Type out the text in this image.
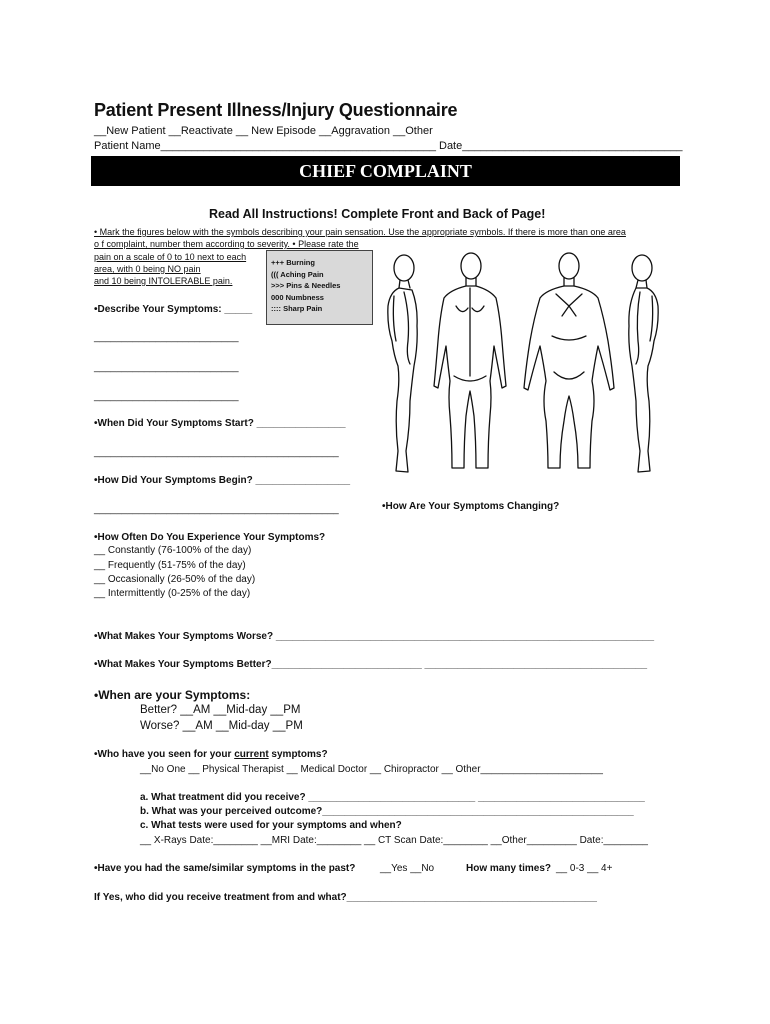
Patient Present Illness/Injury Questionnaire
__New Patient __Reactivate __ New Episode __Aggravation __Other
Patient Name_____________________________________________ Date____________________________________
CHIEF COMPLAINT
Read All Instructions! Complete Front and Back of Page!
• Mark the figures below with the symbols describing your pain sensation. Use the appropriate symbols. If there is more than one area
o f complaint, number them according to severity. • Please rate the
pain on a scale of 0 to 10 next to each
area, with 0 being NO pain
and 10 being INTOLERABLE pain.
+++ Burning
((( Aching Pain
>>> Pins & Needles
000 Numbness
:::: Sharp Pain
•Describe Your Symptoms: _____
__________________________
__________________________
__________________________
•When Did Your Symptoms Start? ________________
____________________________________________
•How Did Your Symptoms Begin? _________________
____________________________________________	•How Are Your Symptoms Changing?
•How Often Do You Experience Your Symptoms?
__ Constantly (76-100% of the day)
__ Frequently (51-75% of the day)
__ Occasionally (26-50% of the day)
__ Intermittently (0-25% of the day)
•What Makes Your Symptoms Worse? ____________________________________________________________________
•What Makes Your Symptoms Better?___________________________ ________________________________________
•When are your Symptoms:
Better? __AM __Mid-day __PM
Worse? __AM __Mid-day __PM
•Who have you seen for your current symptoms?
__No One __ Physical Therapist __ Medical Doctor __ Chiropractor __ Other______________________
a. What treatment did you receive? ______________________________ ______________________________
b. What was your perceived outcome?________________________________________________________
c. What tests were used for your symptoms and when?
__ X-Rays Date:________ __MRI Date:________ __ CT Scan Date:________ __Other_________ Date:________
•Have you had the same/similar symptoms in the past? __Yes __No	How many times? __ 0-3 __ 4+
If Yes, who did you receive treatment from and what?_____________________________________________
